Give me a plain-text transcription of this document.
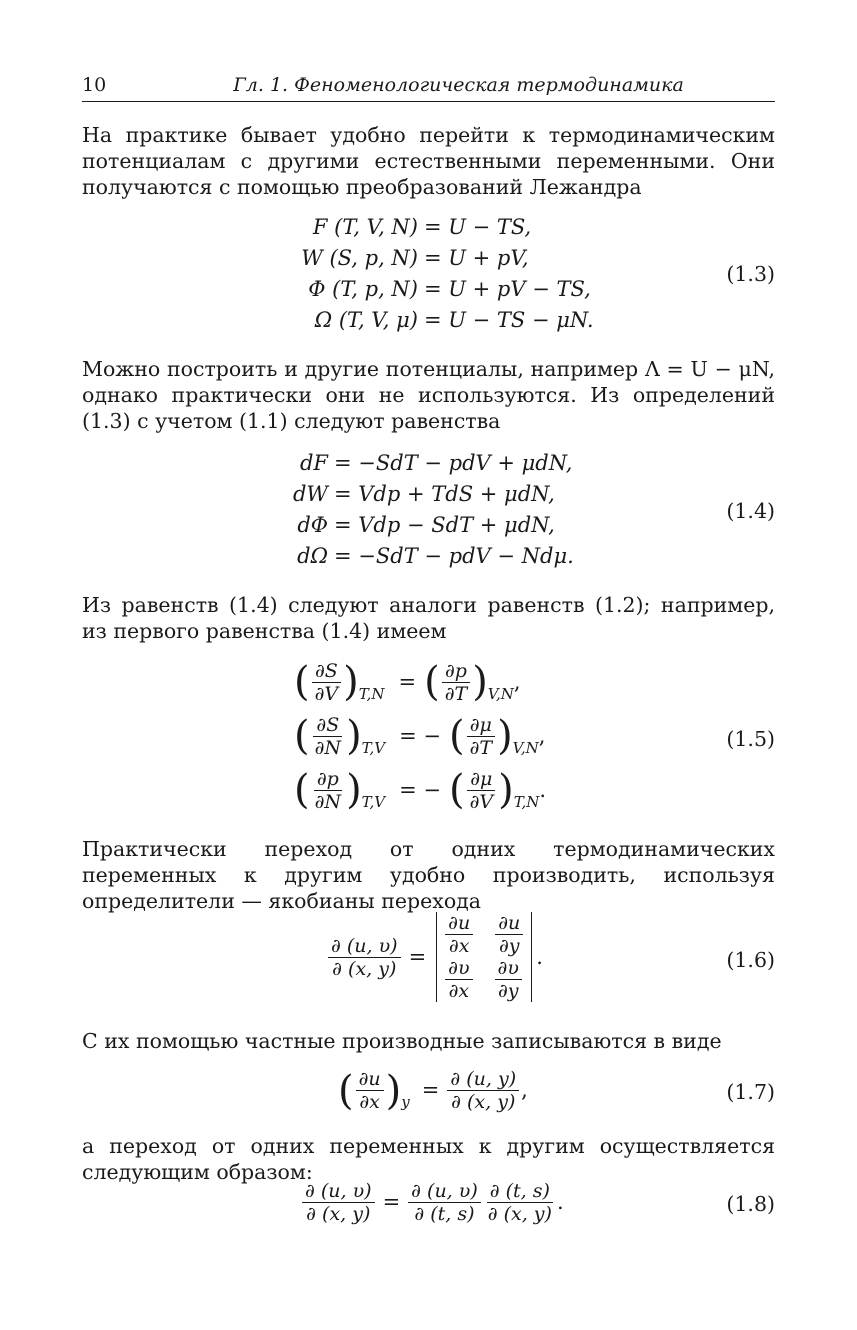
10	Гл. 1. Феноменологическая термодинамика
На практике бывает удобно перейти к термодинамическим потенциалам с другими естественными переменными. Они получаются с помощью преобразований Лежандра
F (T, V, N) = U − TS,
W (S, p, N) = U + pV,
Φ (T, p, N) = U + pV − TS,
Ω (T, V, μ) = U − TS − μN.
(1.3)
Можно построить и другие потенциалы, например Λ = U − μN, однако практически они не используются. Из определений (1.3) с учетом (1.1) следуют равенства
dF = −SdT − pdV + μdN,
dW = Vdp + TdS + μdN,
dΦ = Vdp − SdT + μdN,
dΩ = −SdT − pdV − Ndμ.
(1.4)
Из равенств (1.4) следуют аналоги равенств (1.2); например, из первого равенства (1.4) имеем
( $\frac{\partial S}{\partial V}$ ) T,N = ( $\frac{\partial p}{\partial T}$ ) V,N ,
( $\frac{\partial S}{\partial N}$ ) T,V = − ( $\frac{\partial\mu}{\partial T}$ ) V,N ,
( $\frac{\partial p}{\partial N}$ ) T,V = − ( $\frac{\partial\mu}{\partial V}$ ) T,N .
(1.5)
Практически переход от одних термодинамических переменных к другим удобно производить, используя определители — якобианы перехода
$\frac{\partial (u, \upsilon)}{\partial (x, y)} = \frac{\partial u}{\partial x} \frac{\partial u}{\partial y}$
$\frac{\partial\upsilon}{\partial x} \frac{\partial\upsilon}{\partial y}$
.	(1.6)
С их помощью частные производные записываются в виде
( $\frac{\partial u}{\partial x}$ ) $y = \frac{\partial (u, y)}{\partial (x, y)}$ ,	(1.7)
а переход от одних переменных к другим осуществляется следующим образом:
$\frac{\partial (u, \upsilon)}{\partial (x, y)} = \frac{\partial (u, \upsilon)}{\partial (t, s)} \frac{\partial (t, s)}{\partial (x, y)}$ .	(1.8)
